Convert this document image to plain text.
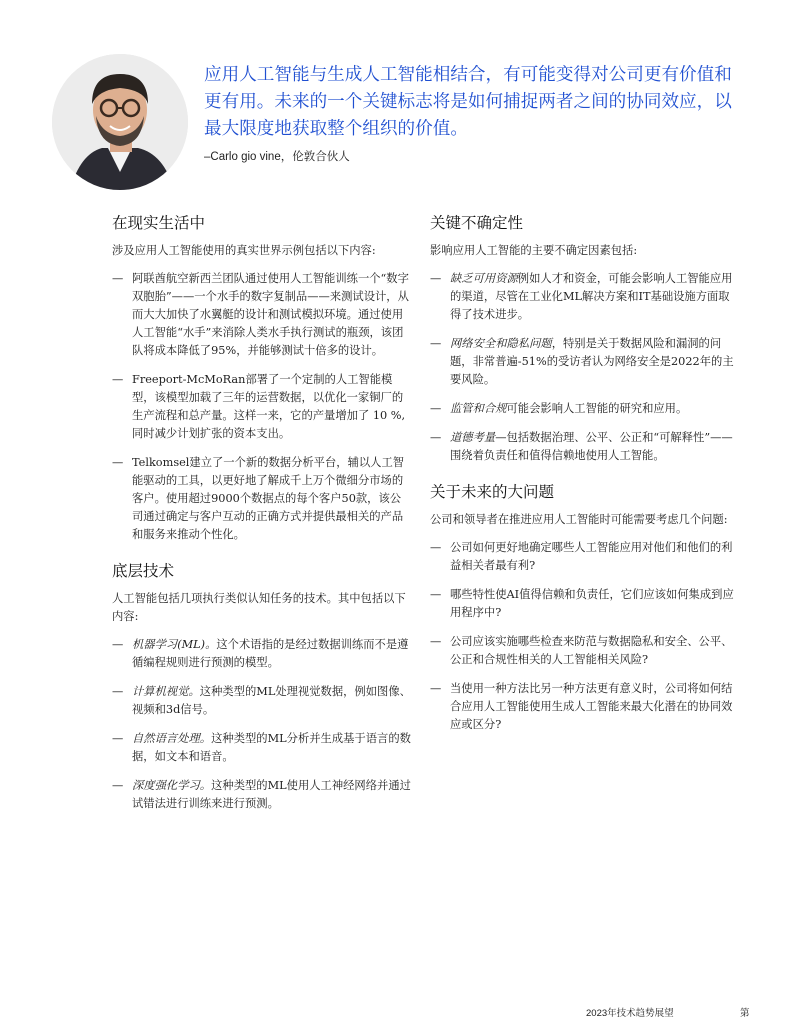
应用人工智能与生成人工智能相结合，有可能变得对公司更有价值和更有用。未来的一个关键标志将是如何捕捉两者之间的协同效应，以最大限度地获取整个组织的价值。

–Carlo gio vine，伦敦合伙人
在现实生活中

涉及应用人工智能使用的真实世界示例包括以下内容:

— 阿联酋航空新西兰团队通过使用人工智能训练一个“数字双胞胎”——一个水手的数字复制品——来测试设计，从而大大加快了水翼艇的设计和测试模拟环境。通过使用人工智能“水手”来消除人类水手执行测试的瓶颈，该团队将成本降低了95%，并能够测试十倍多的设计。
— Freeport-McMoRan部署了一个定制的人工智能模型，该模型加载了三年的运营数据，以优化一家铜厂的生产流程和总产量。这样一来，它的产量增加了 10 %,同时减少计划扩张的资本支出。
— Telkomsel建立了一个新的数据分析平台，辅以人工智能驱动的工具，以更好地了解成千上万个微细分市场的客户。使用超过9000个数据点的每个客户50款，该公司通过确定与客户互动的正确方式并提供最相关的产品和服务来推动个性化。
底层技术

人工智能包括几项执行类似认知任务的技术。其中包括以下内容:

— 机器学习(ML)。这个术语指的是经过数据训练而不是遵循编程规则进行预测的模型。
— 计算机视觉。这种类型的ML处理视觉数据，例如图像、视频和3d信号。
— 自然语言处理。这种类型的ML分析并生成基于语言的数据，如文本和语音。
— 深度强化学习。这种类型的ML使用人工神经网络并通过试错法进行训练来进行预测。
关键不确定性

影响应用人工智能的主要不确定因素包括:

— 缺乏可用资源例如人才和资金，可能会影响人工智能应用的渠道，尽管在工业化ML解决方案和IT基础设施方面取得了技术进步。
— 网络安全和隐私问题，特别是关于数据风险和漏洞的问题，非常普遍-51%的受访者认为网络安全是2022年的主要风险。
— 监管和合规可能会影响人工智能的研究和应用。
— 道德考量—包括数据治理、公平、公正和“可解释性”——围绕着负责任和值得信赖地使用人工智能。
关于未来的大问题

公司和领导者在推进应用人工智能时可能需要考虑几个问题:

— 公司如何更好地确定哪些人工智能应用对他们和他们的利益相关者最有利?
— 哪些特性使AI值得信赖和负责任，它们应该如何集成到应用程序中?
— 公司应该实施哪些检查来防范与数据隐私和安全、公平、公正和合规性相关的人工智能相关风险?
— 当使用一种方法比另一种方法更有意义时，公司将如何结合应用人工智能使用生成人工智能来最大化潜在的协同效应或区分?
2023年技术趋势展望	第
